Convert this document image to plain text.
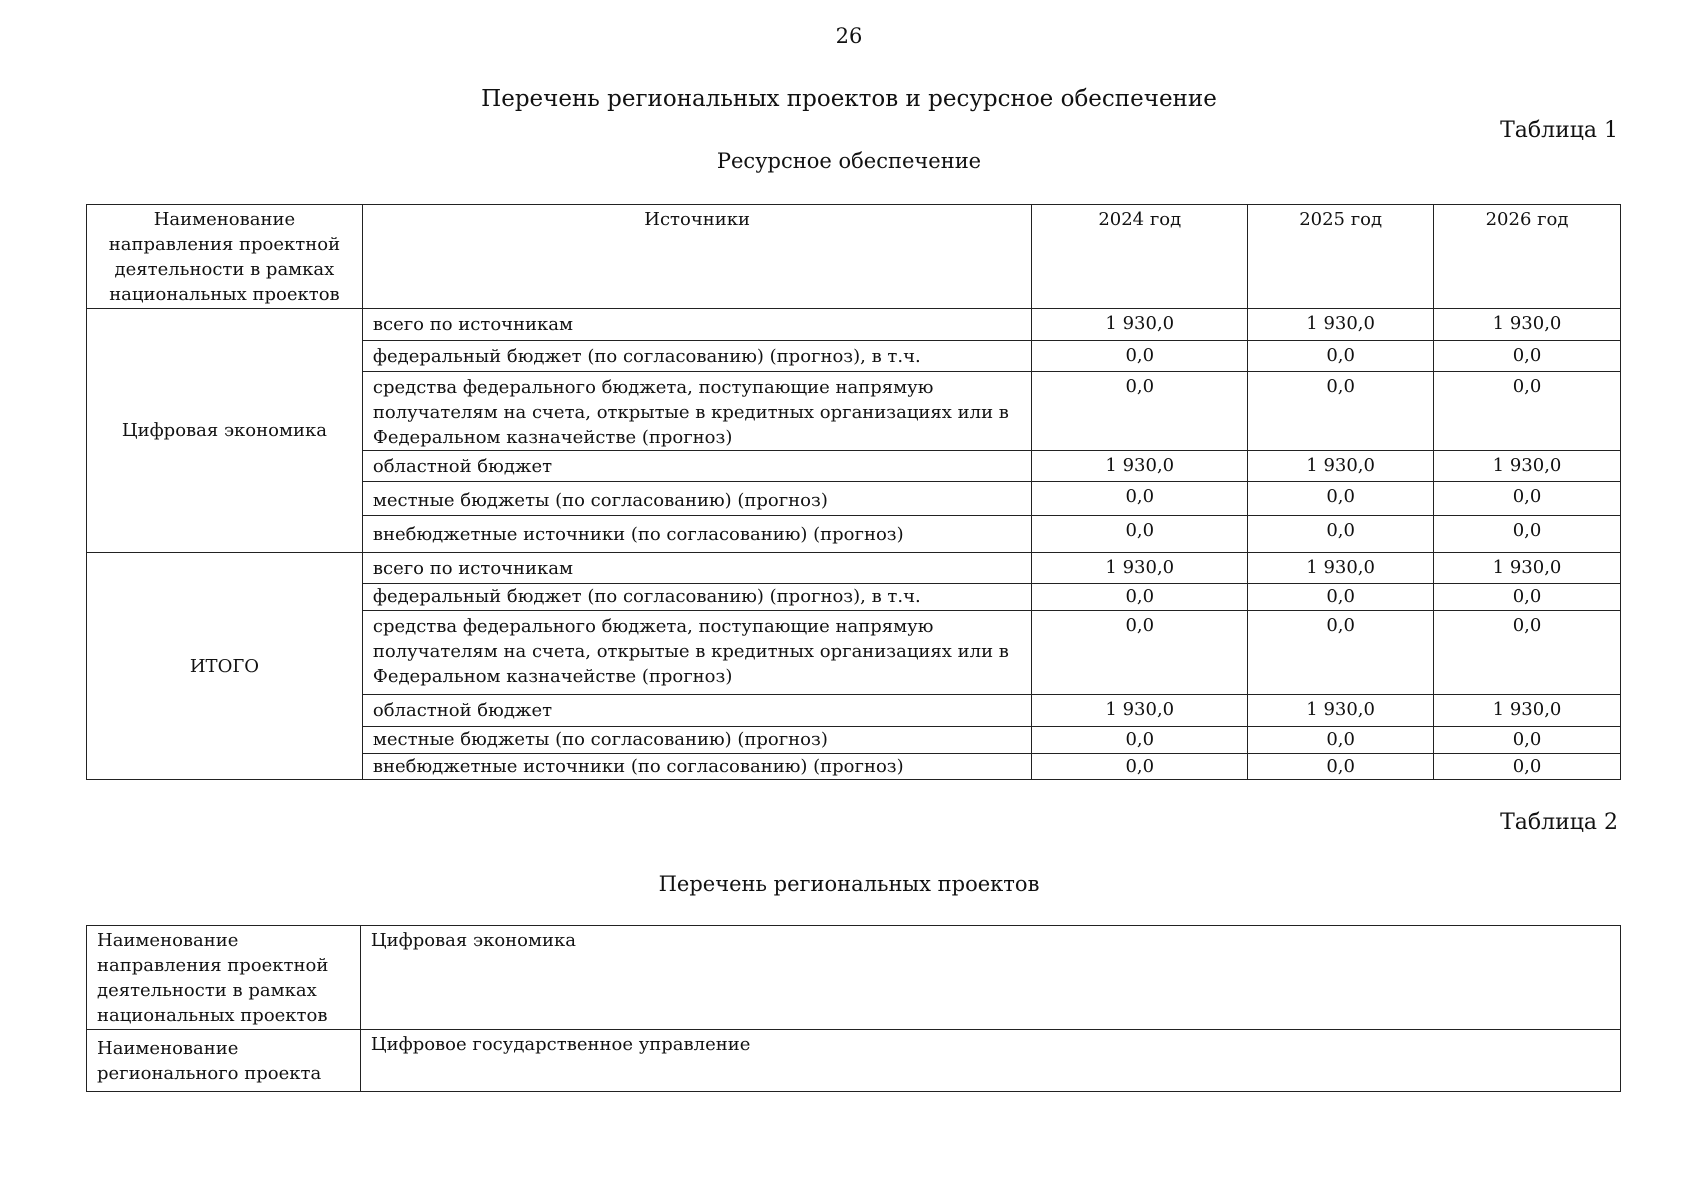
26
Перечень региональных проектов и ресурсное обеспечение
Таблица 1
Ресурсное обеспечение
Наименование направления проектной деятельности в рамках национальных проектов	Источники	2024 год	2025 год	2026 год
Цифровая экономика	всего по источникам	1 930,0	1 930,0	1 930,0
	федеральный бюджет (по согласованию) (прогноз), в т.ч.	0,0	0,0	0,0
	средства федерального бюджета, поступающие напрямую получателям на счета, открытые в кредитных организациях или в Федеральном казначействе (прогноз)	0,0	0,0	0,0
	областной бюджет	1 930,0	1 930,0	1 930,0
	местные бюджеты (по согласованию) (прогноз)	0,0	0,0	0,0
	внебюджетные источники (по согласованию) (прогноз)	0,0	0,0	0,0
ИТОГО	всего по источникам	1 930,0	1 930,0	1 930,0
	федеральный бюджет (по согласованию) (прогноз), в т.ч.	0,0	0,0	0,0
	средства федерального бюджета, поступающие напрямую получателям на счета, открытые в кредитных организациях или в Федеральном казначействе (прогноз)	0,0	0,0	0,0
	областной бюджет	1 930,0	1 930,0	1 930,0
	местные бюджеты (по согласованию) (прогноз)	0,0	0,0	0,0
	внебюджетные источники (по согласованию) (прогноз)	0,0	0,0	0,0
Таблица 2
Перечень региональных проектов
Наименование направления проектной деятельности в рамках национальных проектов	Цифровая экономика
Наименование регионального проекта	Цифровое государственное управление
